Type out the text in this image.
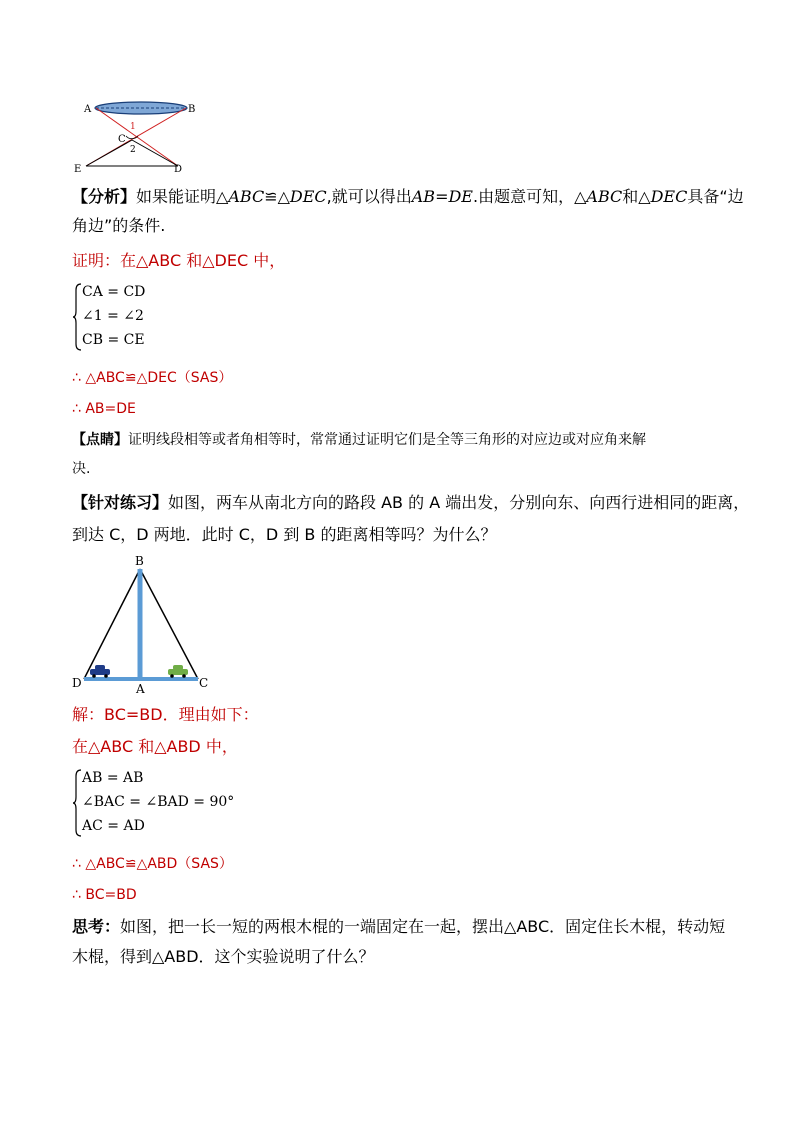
A	B
C
1
2
E	D
【分析】如果能证明△ABC≌△DEC,就可以得出AB=DE.由题意可知，△ABC和△DEC具备“边
角边”的条件.
证明：在△ABC 和△DEC 中，
CA = CD
∠1 = ∠2
CB = CE
∴ △ABC≌△DEC（SAS）
∴ AB=DE
【点睛】证明线段相等或者角相等时，常常通过证明它们是全等三角形的对应边或对应角来解
决.
【针对练习】如图，两车从南北方向的路段 AB 的 A 端出发，分别向东、向西行进相同的距离，
到达 C，D 两地．此时 C，D 到 B 的距离相等吗？为什么？
B
D	A	C
解：BC=BD．理由如下：
在△ABC 和△ABD 中，
AB = AB
∠BAC = ∠BAD = 90°
AC = AD
∴ △ABC≌△ABD（SAS）
∴ BC=BD
思考：如图，把一长一短的两根木棍的一端固定在一起，摆出△ABC．固定住长木棍，转动短
木棍，得到△ABD．这个实验说明了什么？
